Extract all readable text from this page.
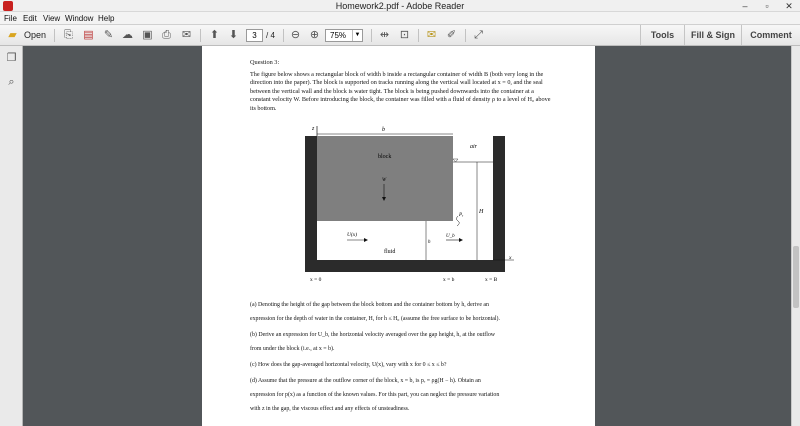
Homework2.pdf - Adobe Reader	–	▫	✕
File Edit View Window Help
▰ Open ⎘ ▤ ✎ ☁ ▣ ⎙ ✉ ⬆ ⬇	3	/ 4 ⊖ ⊕	75%	▼ ⇹ ⊡ ✉ ✐ ⤢	Tools	Fill & Sign	Comment
❐
⌕
Question 3:
The figure below shows a rectangular block of width b inside a rectangular container of width B (both very long in the direction into the paper). The block is supported on tracks running along the vertical wall located at x = 0, and the seal between the vertical wall and the block is water tight. The block is being pushed downwards into the container at a constant velocity W. Before introducing the block, the container was filled with a fluid of density ρ to a level of H₀ above its bottom.
z	b
air
block
W
H
Pₑ
U(x)
h
U_b
fluid
x
x = 0	x = b	x = B
(a) Denoting the height of the gap between the block bottom and the container bottom by h, derive an
expression for the depth of water in the container, H, for h ≤ H₀ (assume the free surface to be horizontal).
(b) Derive an expression for U_b, the horizontal velocity averaged over the gap height, h, at the outflow
from under the block (i.e., at x = b).
(c) How does the gap-averaged horizontal velocity, U(x), vary with x for 0 ≤ x ≤ b?
(d) Assume that the pressure at the outflow corner of the block, x = b, is pₑ = ρg(H − h). Obtain an
expression for p(x) as a function of the known values. For this part, you can neglect the pressure variation
with z in the gap, the viscous effect and any effects of unsteadiness.
